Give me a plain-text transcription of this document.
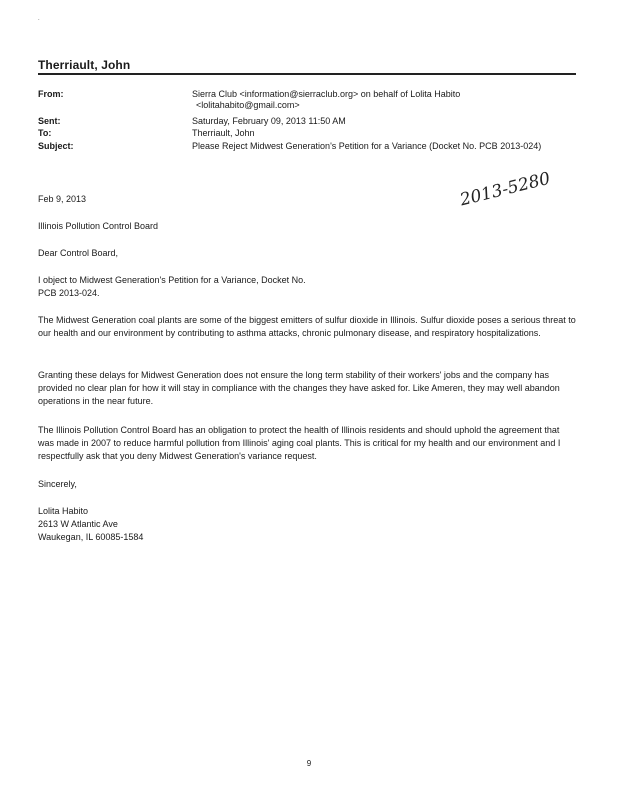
.
Therriault, John
From:	Sierra Club <information@sierraclub.org> on behalf of Lolita Habito
<lolitahabito@gmail.com>
Sent:	Saturday, February 09, 2013 11:50 AM
To:	Therriault, John
Subject:	Please Reject Midwest Generation's Petition for a Variance (Docket No. PCB 2013-024)
2013-5280
Feb 9, 2013
Illinois Pollution Control Board
Dear Control Board,
I object to Midwest Generation's Petition for a Variance, Docket No.
PCB 2013-024.
The Midwest Generation coal plants are some of the biggest emitters of sulfur dioxide in Illinois. Sulfur dioxide poses a serious threat to our health and our environment by contributing to asthma attacks, chronic pulmonary disease, and respiratory hospitalizations.
Granting these delays for Midwest Generation does not ensure the long term stability of their workers' jobs and the company has provided no clear plan for how it will stay in compliance with the changes they have asked for. Like Ameren, they may well abandon operations in the near future.
The Illinois Pollution Control Board has an obligation to protect the health of Illinois residents and should uphold the agreement that was made in 2007 to reduce harmful pollution from Illinois' aging coal plants. This is critical for my health and our environment and I respectfully ask that you deny Midwest Generation's variance request.
Sincerely,
Lolita Habito
2613 W Atlantic Ave
Waukegan, IL 60085-1584
9
